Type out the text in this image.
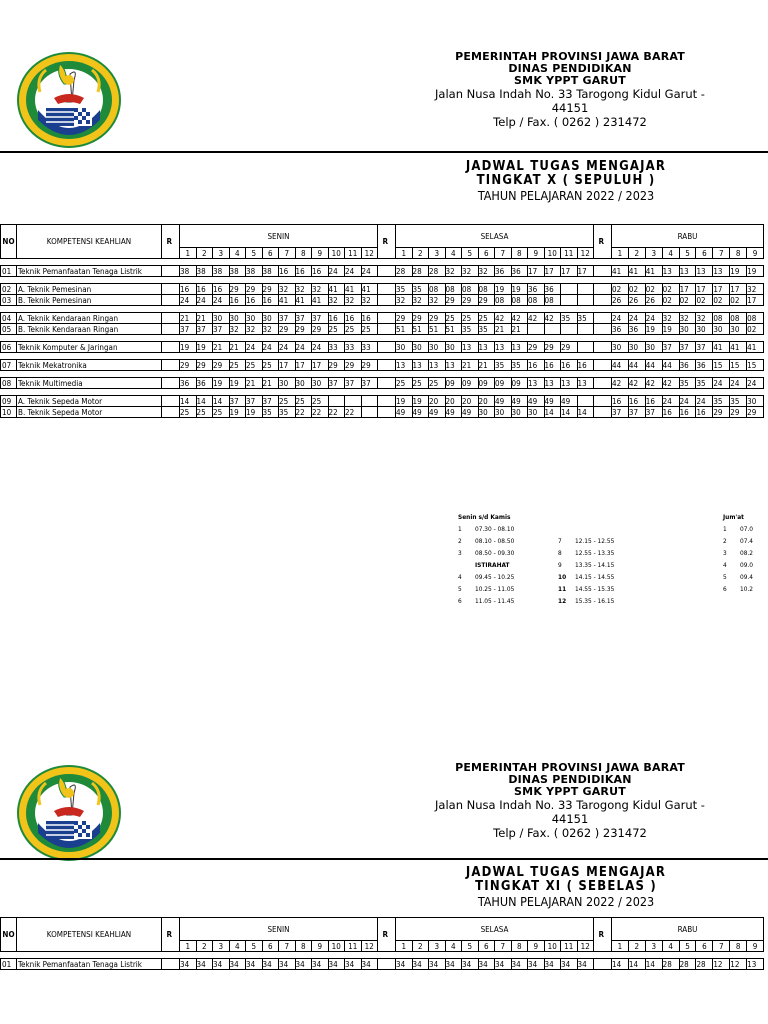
PEMERINTAH PROVINSI JAWA BARAT
DINAS PENDIDIKAN
SMK YPPT GARUT
Jalan Nusa Indah No. 33 Tarogong Kidul Garut - 44151
Telp / Fax. ( 0262 ) 231472
JADWAL TUGAS MENGAJAR
TINGKAT X ( SEPULUH )
TAHUN PELAJARAN 2022 / 2023
NO	KOMPETENSI KEAHLIAN	R		SENIN												R		SELASA												R		RABU								
				1	2	3	4	5	6	7	8	9	10	11	12			1	2	3	4	5	6	7	8	9	10	11	12			1	2	3	4	5	6	7	8	9

01	Teknik Pemanfaatan Tenaga Listrik			38	38	38	38	38	38	16	16	16	24	24	24			28	28	28	32	32	32	36	36	17	17	17	17			41	41	41	13	13	13	13	19	19

02	A. Teknik Pemesinan			16	16	16	29	29	29	32	32	32	41	41	41			35	35	08	08	08	08	19	19	36	36					02	02	02	02	17	17	17	17	32
03	B. Teknik Pemesinan			24	24	24	16	16	16	41	41	41	32	32	32			32	32	32	29	29	29	08	08	08	08					26	26	26	02	02	02	02	02	17

04	A. Teknik Kendaraan Ringan			21	21	30	30	30	30	37	37	37	16	16	16			29	29	29	25	25	25	42	42	42	42	35	35			24	24	24	32	32	32	08	08	08
05	B. Teknik Kendaraan Ringan			37	37	37	32	32	32	29	29	29	25	25	25			51	51	51	51	35	35	21	21							36	36	19	19	30	30	30	30	02

06	Teknik Komputer & Jaringan			19	19	21	21	24	24	24	24	24	33	33	33			30	30	30	30	13	13	13	13	29	29	29				30	30	30	37	37	37	41	41	41

07	Teknik Mekatronika			29	29	29	25	25	25	17	17	17	29	29	29			13	13	13	13	21	21	35	35	16	16	16	16			44	44	44	44	36	36	15	15	15

08	Teknik Multimedia			36	36	19	19	21	21	30	30	30	37	37	37			25	25	25	09	09	09	09	09	13	13	13	13			42	42	42	42	35	35	24	24	24

09	A. Teknik Sepeda Motor			14	14	14	37	37	37	25	25	25						19	19	20	20	20	20	49	49	49	49	49				16	16	16	24	24	24	35	35	30
10	B. Teknik Sepeda Motor			25	25	25	19	19	35	35	22	22	22	22				49	49	49	49	49	30	30	30	30	14	14	14			37	37	37	16	16	16	29	29	29
Senin s/d Kamis	Jum'at
1 07.30 - 08.10
2 08.10 - 08.50
3 08.50 - 09.30
ISTIRAHAT
4 09.45 - 10.25
5 10.25 - 11.05
6 11.05 - 11.45
7 12.15 - 12.55
8 12.55 - 13.35
9 13.35 - 14.15
10 14.15 - 14.55
11 14.55 - 15.35
12 15.35 - 16.15
1 07.0
2 07.4
3 08.2
4 09.0
5 09.4
6 10.2
PEMERINTAH PROVINSI JAWA BARAT
DINAS PENDIDIKAN
SMK YPPT GARUT
Jalan Nusa Indah No. 33 Tarogong Kidul Garut - 44151
Telp / Fax. ( 0262 ) 231472
JADWAL TUGAS MENGAJAR
TINGKAT XI ( SEBELAS )
TAHUN PELAJARAN 2022 / 2023
NO	KOMPETENSI KEAHLIAN	R		SENIN												R		SELASA												R		RABU								
				1	2	3	4	5	6	7	8	9	10	11	12			1	2	3	4	5	6	7	8	9	10	11	12			1	2	3	4	5	6	7	8	9

01	Teknik Pemanfaatan Tenaga Listrik			34	34	34	34	34	34	34	34	34	34	34	34			34	34	34	34	34	34	34	34	34	34	34	34			14	14	14	28	28	28	12	12	13
